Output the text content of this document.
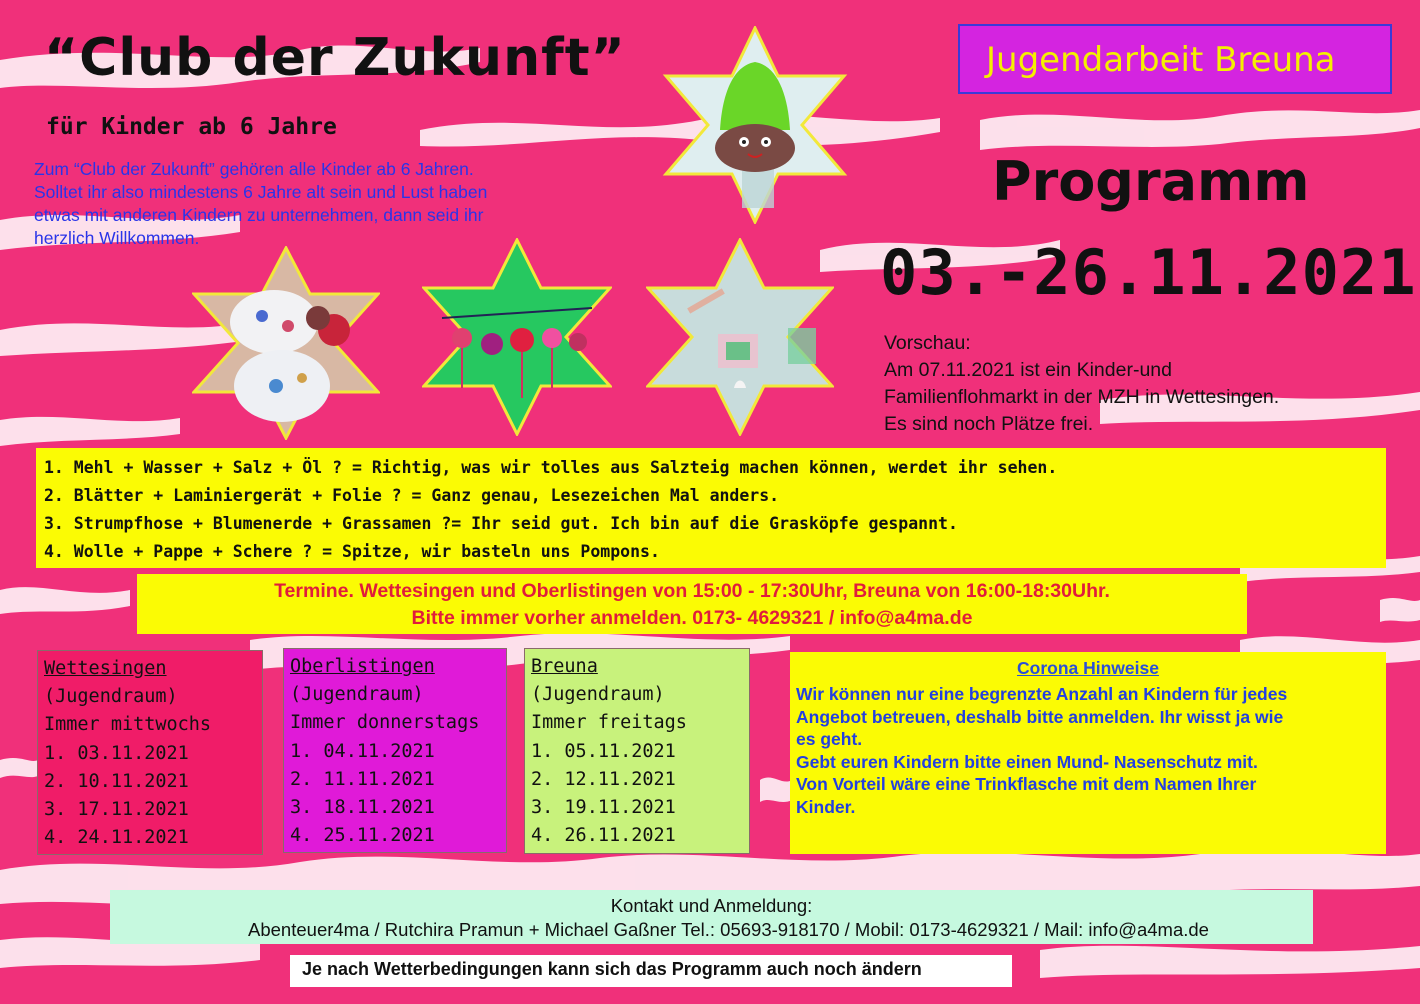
“Club der Zukunft”
für Kinder ab 6 Jahre
Zum “Club der Zukunft” gehören alle Kinder ab 6 Jahren.
Solltet ihr also mindestens 6 Jahre alt sein und Lust haben
etwas mit anderen Kindern zu unternehmen, dann seid ihr
herzlich Willkommen.
Jugendarbeit Breuna
Programm
03.-26.11.2021
Vorschau:
Am 07.11.2021 ist ein Kinder-und
Familienflohmarkt in der MZH in Wettesingen.
Es sind noch Plätze frei.
1. Mehl + Wasser + Salz + Öl ? = Richtig, was wir tolles aus Salzteig machen können, werdet ihr sehen.
2. Blätter + Laminiergerät + Folie ? = Ganz genau, Lesezeichen Mal anders.
3. Strumpfhose + Blumenerde + Grassamen ?= Ihr seid gut. Ich bin auf die Grasköpfe gespannt.
4. Wolle + Pappe + Schere ? = Spitze, wir basteln uns Pompons.
Termine. Wettesingen und Oberlistingen von 15:00 - 17:30Uhr, Breuna von 16:00-18:30Uhr.
Bitte immer vorher anmelden. 0173- 4629321 / info@a4ma.de
Wettesingen
(Jugendraum)
Immer mittwochs
1. 03.11.2021
2. 10.11.2021
3. 17.11.2021
4. 24.11.2021
Oberlistingen
(Jugendraum)
Immer donnerstags
1. 04.11.2021
2. 11.11.2021
3. 18.11.2021
4. 25.11.2021
Breuna
(Jugendraum)
Immer freitags
1. 05.11.2021
2. 12.11.2021
3. 19.11.2021
4. 26.11.2021
Corona Hinweise
Wir können nur eine begrenzte Anzahl an Kindern für jedes
Angebot betreuen, deshalb bitte anmelden. Ihr wisst ja wie
es geht.
Gebt euren Kindern bitte einen Mund- Nasenschutz mit.
Von Vorteil wäre eine Trinkflasche mit dem Namen Ihrer
Kinder.
Kontakt und Anmeldung:
Abenteuer4ma / Rutchira Pramun + Michael Gaßner Tel.: 05693-918170 / Mobil: 0173-4629321 / Mail: info@a4ma.de
Je nach Wetterbedingungen kann sich das Programm auch noch ändern
